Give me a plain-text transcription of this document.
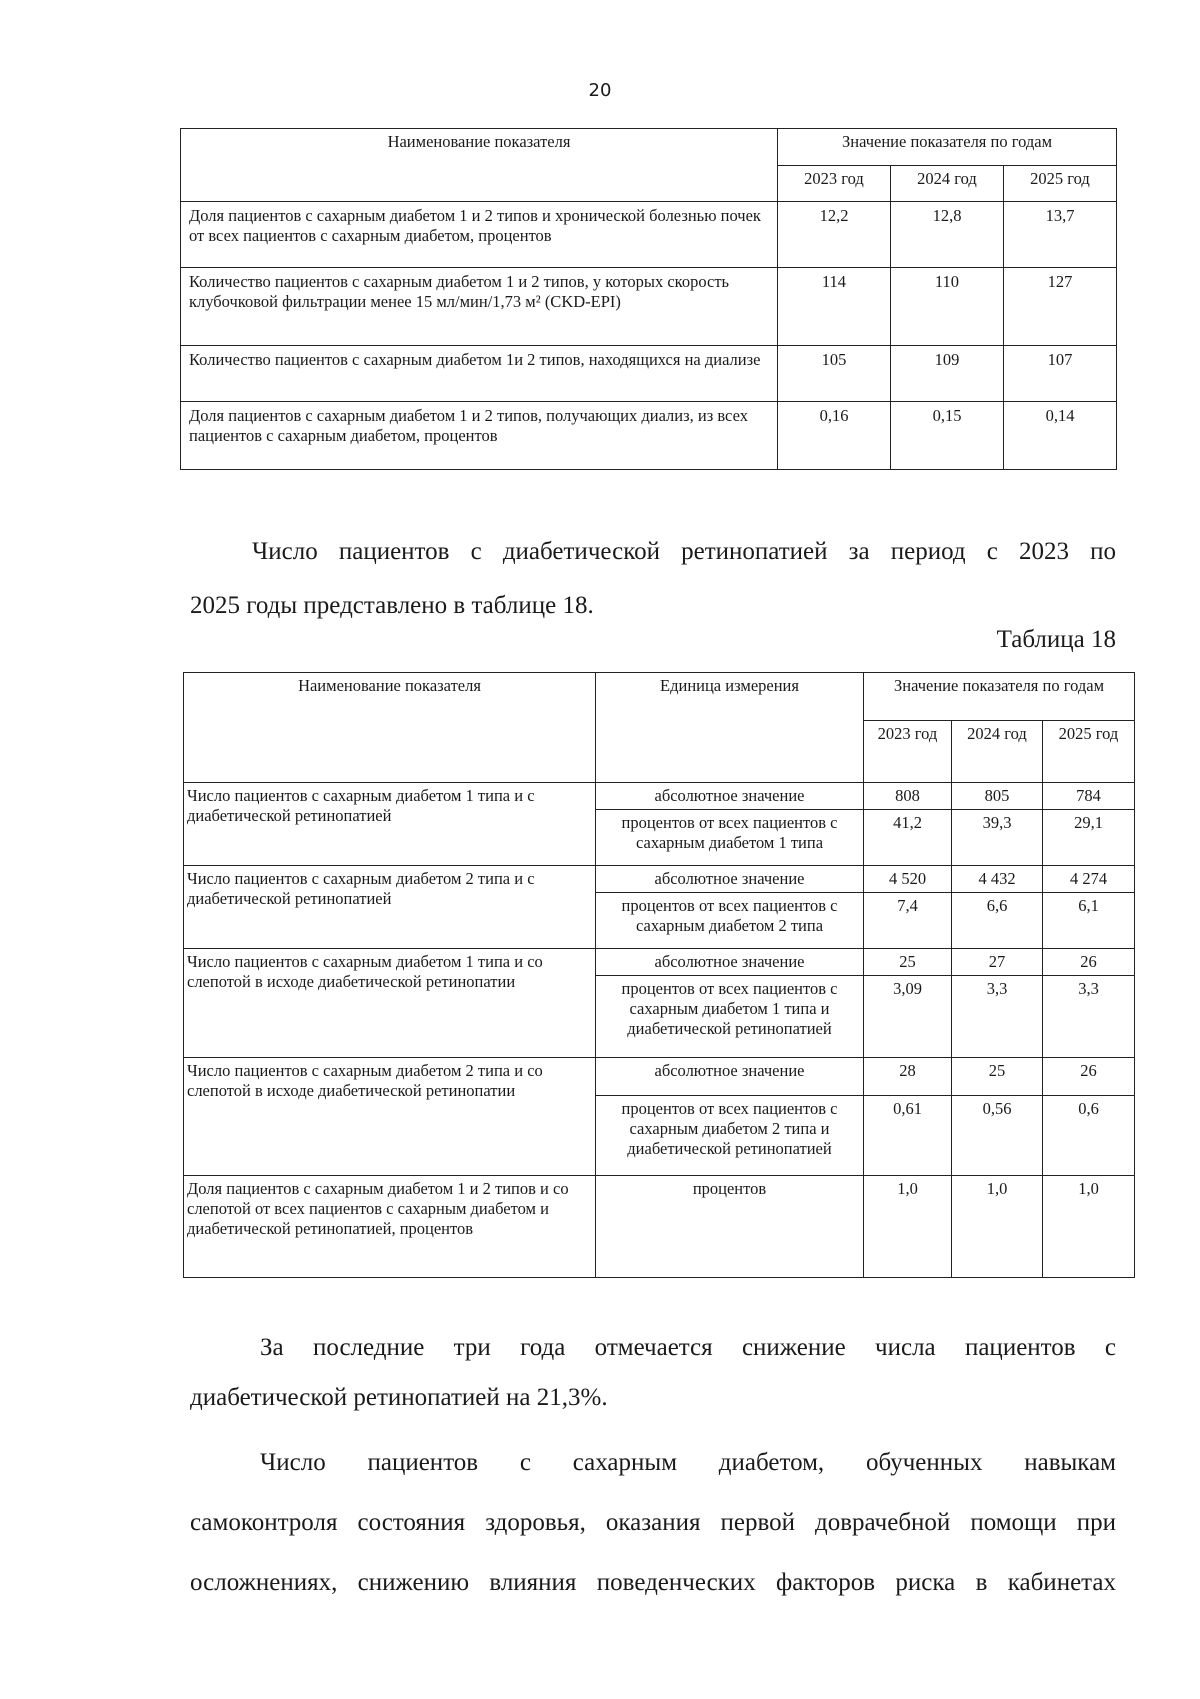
20
Наименование показателя	Значение показателя по годам		
	2023 год	2024 год	2025 год
Доля пациентов с сахарным диабетом 1 и 2 типов и хронической болезнью почек от всех пациентов с сахарным диабетом, процентов	12,2	12,8	13,7
Количество пациентов с сахарным диабетом 1 и 2 типов, у которых скорость клубочковой фильтрации менее 15 мл/мин/1,73 м² (CKD-EPI)	114	110	127
Количество пациентов с сахарным диабетом 1и 2 типов, находящихся на диализе	105	109	107
Доля пациентов с сахарным диабетом 1 и 2 типов, получающих диализ, из всех пациентов с сахарным диабетом, процентов	0,16	0,15	0,14
Число пациентов с диабетической ретинопатией за период с 2023 по
2025 годы представлено в таблице 18.
Таблица 18
Наименование показателя	Единица измерения	Значение показателя по годам		
		2023 год	2024 год	2025 год
Число пациентов с сахарным диабетом 1 типа и с диабетической ретинопатией	абсолютное значение	808	805	784
	процентов от всех пациентов с сахарным диабетом 1 типа	41,2	39,3	29,1
Число пациентов с сахарным диабетом 2 типа и с диабетической ретинопатией	абсолютное значение	4 520	4 432	4 274
	процентов от всех пациентов с сахарным диабетом 2 типа	7,4	6,6	6,1
Число пациентов с сахарным диабетом 1 типа и со слепотой в исходе диабетической ретинопатии	абсолютное значение	25	27	26
	процентов от всех пациентов с сахарным диабетом 1 типа и диабетической ретинопатией	3,09	3,3	3,3
Число пациентов с сахарным диабетом 2 типа и со слепотой в исходе диабетической ретинопатии	абсолютное значение	28	25	26
	процентов от всех пациентов с сахарным диабетом 2 типа и диабетической ретинопатией	0,61	0,56	0,6
Доля пациентов с сахарным диабетом 1 и 2 типов и со слепотой от всех пациентов с сахарным диабетом и диабетической ретинопатией, процентов	процентов	1,0	1,0	1,0
За последние три года отмечается снижение числа пациентов с
диабетической ретинопатией на 21,3%.
Число пациентов с сахарным диабетом, обученных навыкам
самоконтроля состояния здоровья, оказания первой доврачебной помощи при
осложнениях, снижению влияния поведенческих факторов риска в кабинетах
